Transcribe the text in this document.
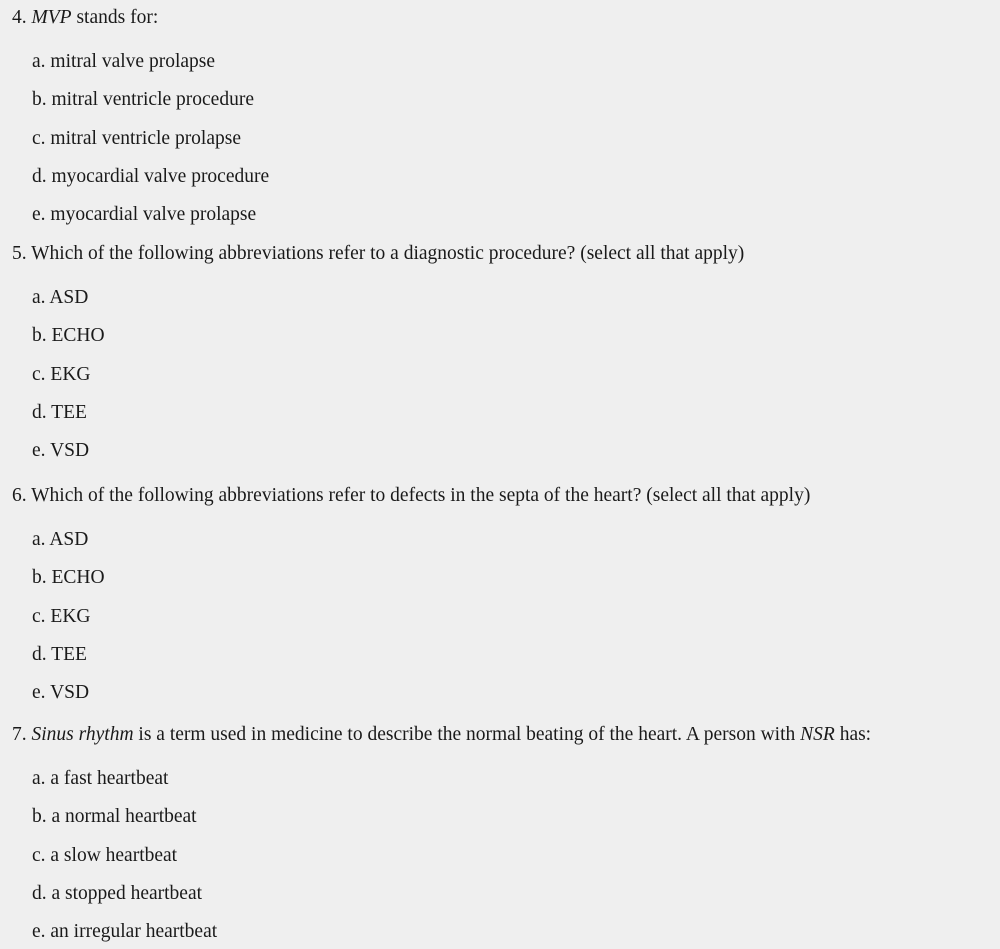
4. MVP stands for:
a. mitral valve prolapse
b. mitral ventricle procedure
c. mitral ventricle prolapse
d. myocardial valve procedure
e. myocardial valve prolapse
5. Which of the following abbreviations refer to a diagnostic procedure? (select all that apply)
a. ASD
b. ECHO
c. EKG
d. TEE
e. VSD
6. Which of the following abbreviations refer to defects in the septa of the heart? (select all that apply)
a. ASD
b. ECHO
c. EKG
d. TEE
e. VSD
7. Sinus rhythm is a term used in medicine to describe the normal beating of the heart. A person with NSR has:
a. a fast heartbeat
b. a normal heartbeat
c. a slow heartbeat
d. a stopped heartbeat
e. an irregular heartbeat
